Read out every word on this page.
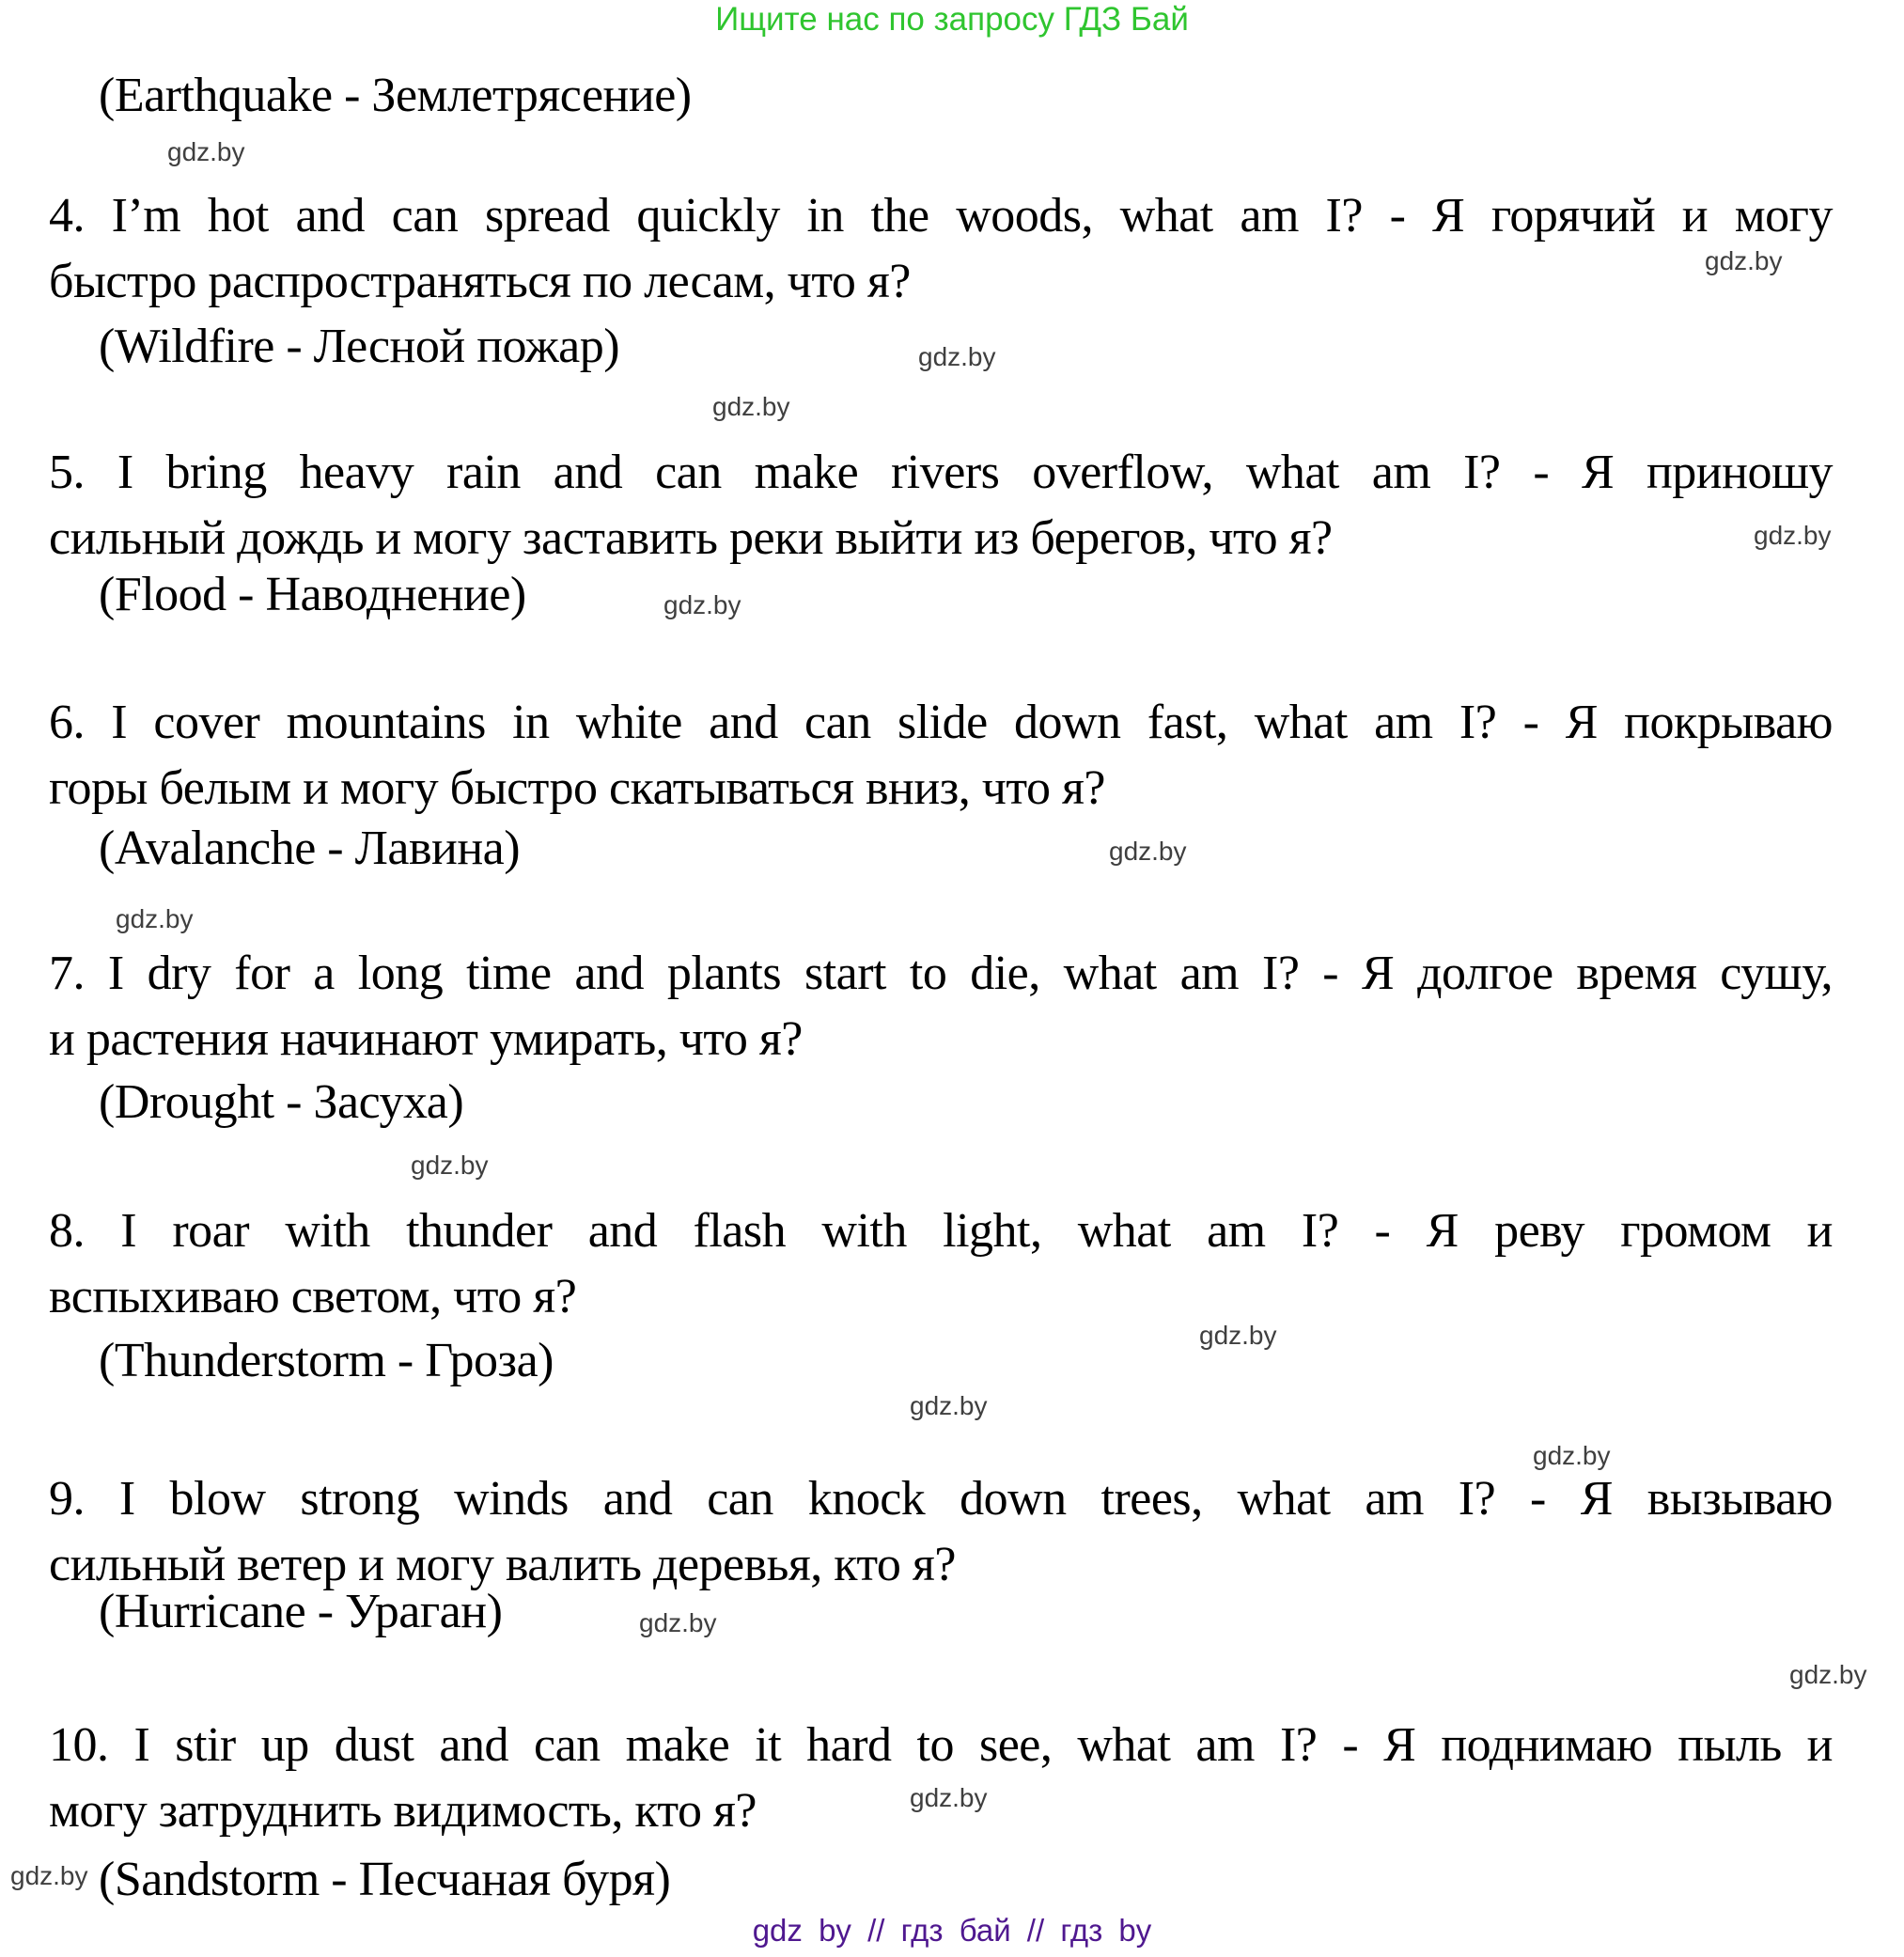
Ищите нас по запросу ГДЗ Бай
(Earthquake - Землетрясение)
4. I’m hot and can spread quickly in the woods, what am I? - Я горячий и могу
быстро распространяться по лесам, что я?
(Wildfire - Лесной пожар)
5. I bring heavy rain and can make rivers overflow, what am I? - Я приношу
сильный дождь и могу заставить реки выйти из берегов, что я?
(Flood - Наводнение)
6. I cover mountains in white and can slide down fast, what am I? - Я покрываю
горы белым и могу быстро скатываться вниз, что я?
(Avalanche - Лавина)
7. I dry for a long time and plants start to die, what am I? - Я долгое время сушу,
и растения начинают умирать, что я?
(Drought - Засуха)
8. I roar with thunder and flash with light, what am I? - Я реву громом и
вспыхиваю светом, что я?
(Thunderstorm - Гроза)
9. I blow strong winds and can knock down trees, what am I? - Я вызываю
сильный ветер и могу валить деревья, кто я?
(Hurricane - Ураган)
10. I stir up dust and can make it hard to see, what am I? - Я поднимаю пыль и
могу затруднить видимость, кто я?
(Sandstorm - Песчаная буря)
gdz.by
gdz.by
gdz.by
gdz.by
gdz.by
gdz.by
gdz.by
gdz.by
gdz.by
gdz.by
gdz.by
gdz.by
gdz.by
gdz.by
gdz.by
gdz.by
gdz by // гдз бай // гдз by
